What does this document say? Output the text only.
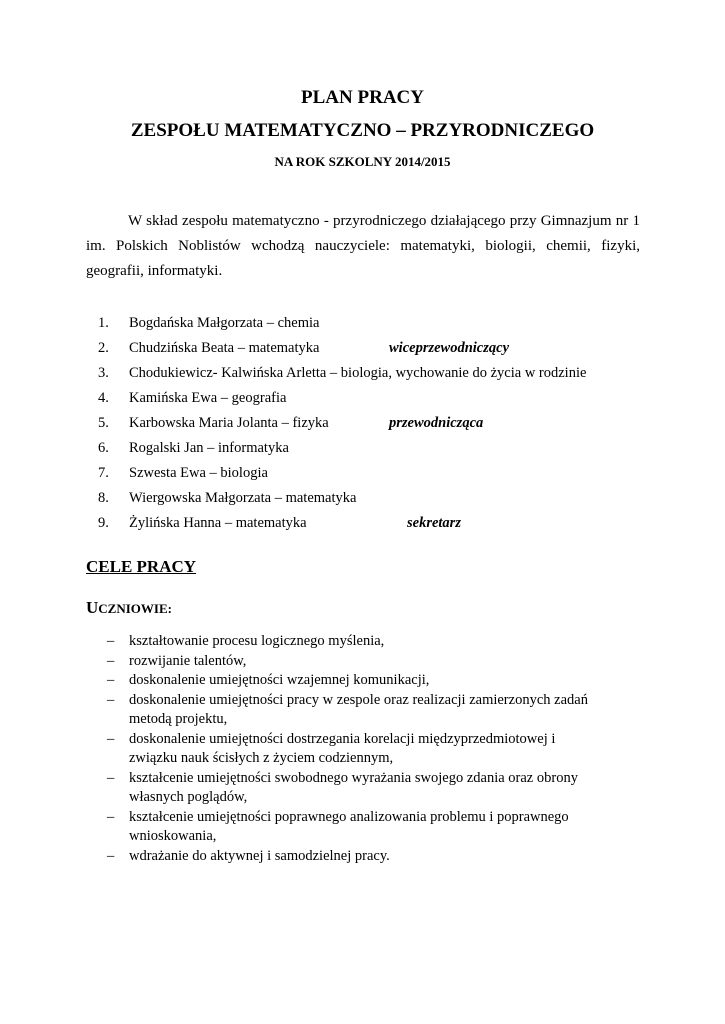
PLAN PRACY
ZESPOŁU MATEMATYCZNO – PRZYRODNICZEGO
NA ROK SZKOLNY 2014/2015

W skład zespołu matematyczno - przyrodniczego działającego przy Gimnazjum nr 1 im. Polskich Noblistów wchodzą nauczyciele: matematyki, biologii, chemii, fizyki, geografii, informatyki.

1.	Bogdańska Małgorzata – chemia
2.	Chudzińska Beata – matematyka	wiceprzewodniczący
3.	Chodukiewicz- Kalwińska Arletta – biologia, wychowanie do życia w rodzinie
4.	Kamińska Ewa – geografia
5.	Karbowska Maria Jolanta – fizyka	przewodnicząca
6.	Rogalski Jan – informatyka
7.	Szwesta Ewa – biologia
8.	Wiergowska Małgorzata – matematyka
9.	Żylińska Hanna – matematyka	sekretarz
CELE PRACY
UCZNIOWIE:
– kształtowanie procesu logicznego myślenia,
– rozwijanie talentów,
– doskonalenie umiejętności wzajemnej komunikacji,
– doskonalenie umiejętności pracy w zespole oraz realizacji zamierzonych zadań metodą projektu,
– doskonalenie umiejętności dostrzegania korelacji międzyprzedmiotowej i związku nauk ścisłych z życiem codziennym,
– kształcenie umiejętności swobodnego wyrażania swojego zdania oraz obrony własnych poglądów,
– kształcenie umiejętności poprawnego analizowania problemu i poprawnego wnioskowania,
– wdrażanie do aktywnej i samodzielnej pracy.
